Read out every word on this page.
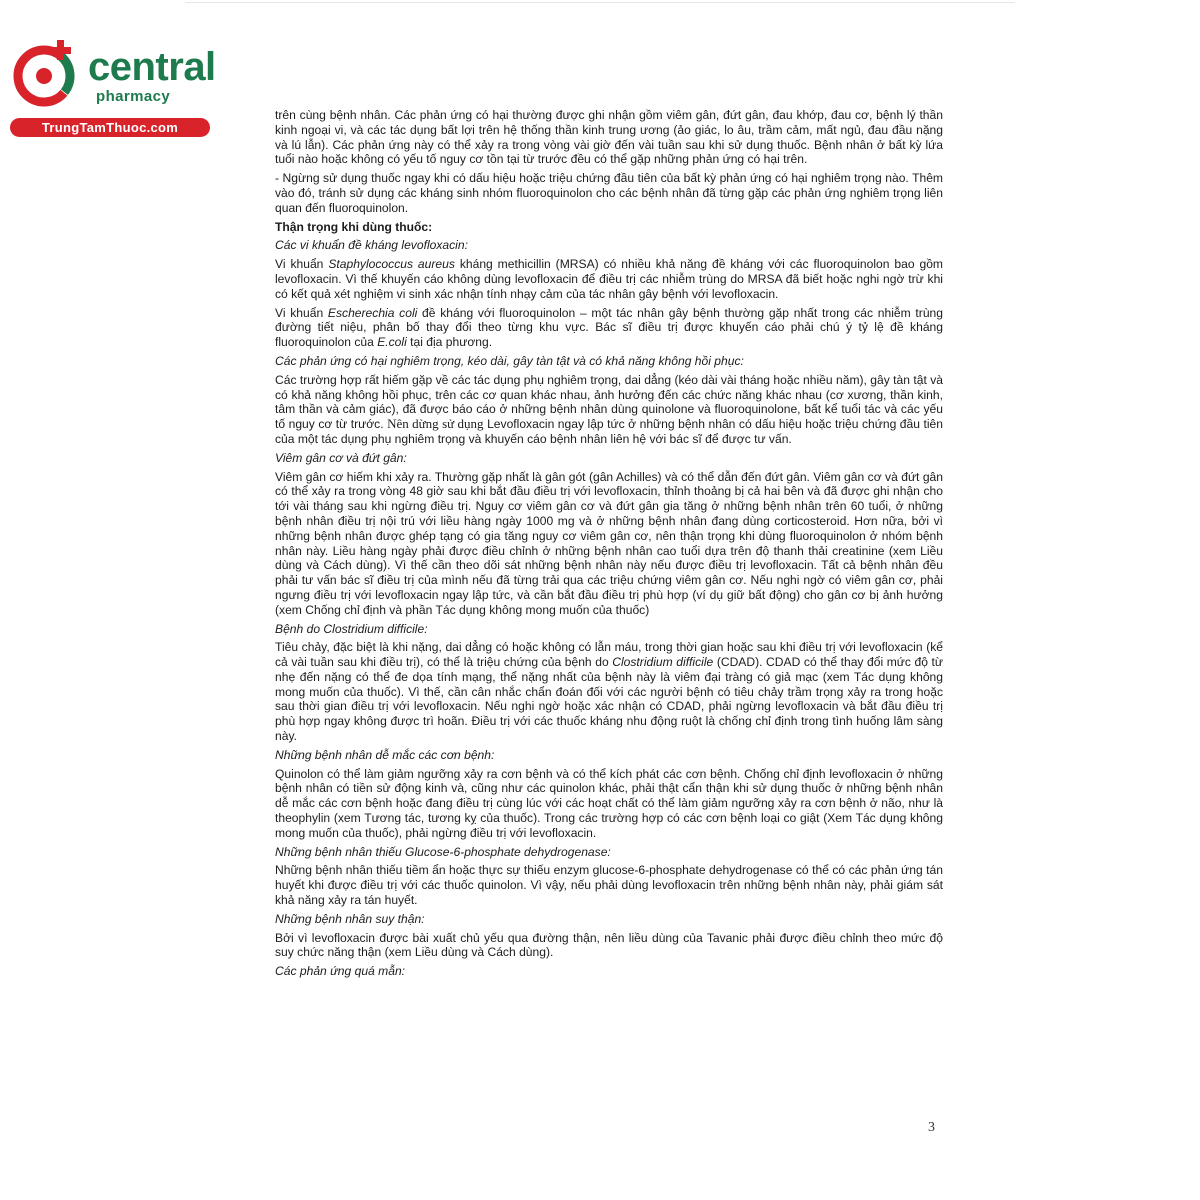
central
pharmacy
TrungTamThuoc.com

trên cùng bệnh nhân. Các phản ứng có hại thường được ghi nhận gồm viêm gân, đứt gân, đau khớp, đau cơ, bệnh lý thần kinh ngoại vi, và các tác dụng bất lợi trên hệ thống thần kinh trung ương (ảo giác, lo âu, trầm cảm, mất ngủ, đau đầu nặng và lú lẫn). Các phản ứng này có thể xảy ra trong vòng vài giờ đến vài tuần sau khi sử dụng thuốc. Bệnh nhân ở bất kỳ lứa tuổi nào hoặc không có yếu tố nguy cơ tồn tại từ trước đều có thể gặp những phản ứng có hại trên.

- Ngừng sử dụng thuốc ngay khi có dấu hiệu hoặc triệu chứng đầu tiên của bất kỳ phản ứng có hại nghiêm trọng nào. Thêm vào đó, tránh sử dụng các kháng sinh nhóm fluoroquinolon cho các bệnh nhân đã từng gặp các phản ứng nghiêm trọng liên quan đến fluoroquinolon.

Thận trọng khi dùng thuốc:
Các vi khuẩn đề kháng levofloxacin:

Vi khuẩn Staphylococcus aureus kháng methicillin (MRSA) có nhiều khả năng đề kháng với các fluoroquinolon bao gồm levofloxacin. Vì thế khuyến cáo không dùng levofloxacin để điều trị các nhiễm trùng do MRSA đã biết hoặc nghi ngờ trừ khi có kết quả xét nghiệm vi sinh xác nhận tính nhạy cảm của tác nhân gây bệnh với levofloxacin.

Vi khuẩn Escherechia coli đề kháng với fluoroquinolon – một tác nhân gây bệnh thường gặp nhất trong các nhiễm trùng đường tiết niệu, phân bố thay đổi theo từng khu vực. Bác sĩ điều trị được khuyến cáo phải chú ý tỷ lệ đề kháng fluoroquinolon của E.coli tại địa phương.

Các phản ứng có hại nghiêm trọng, kéo dài, gây tàn tật và có khả năng không hồi phục:

Các trường hợp rất hiếm gặp về các tác dụng phụ nghiêm trọng, dai dẳng (kéo dài vài tháng hoặc nhiều năm), gây tàn tật và có khả năng không hồi phục, trên các cơ quan khác nhau, ảnh hưởng đến các chức năng khác nhau (cơ xương, thần kinh, tâm thần và cảm giác), đã được báo cáo ở những bệnh nhân dùng quinolone và fluoroquinolone, bất kể tuổi tác và các yếu tố nguy cơ từ trước. Nên dừng sử dụng Levofloxacin ngay lập tức ở những bệnh nhân có dấu hiệu hoặc triệu chứng đầu tiên của một tác dụng phụ nghiêm trọng và khuyến cáo bệnh nhân liên hệ với bác sĩ để được tư vấn.

Viêm gân cơ và đứt gân:

Viêm gân cơ hiếm khi xảy ra. Thường gặp nhất là gân gót (gân Achilles) và có thể dẫn đến đứt gân. Viêm gân cơ và đứt gân có thể xảy ra trong vòng 48 giờ sau khi bắt đầu điều trị với levofloxacin, thỉnh thoảng bị cả hai bên và đã được ghi nhận cho tới vài tháng sau khi ngừng điều trị. Nguy cơ viêm gân cơ và đứt gân gia tăng ở những bệnh nhân trên 60 tuổi, ở những bệnh nhân điều trị nội trú với liều hàng ngày 1000 mg và ở những bệnh nhân đang dùng corticosteroid. Hơn nữa, bởi vì những bệnh nhân được ghép tạng có gia tăng nguy cơ viêm gân cơ, nên thận trọng khi dùng fluoroquinolon ở nhóm bệnh nhân này. Liều hàng ngày phải được điều chỉnh ở những bệnh nhân cao tuổi dựa trên độ thanh thải creatinine (xem Liều dùng và Cách dùng). Vì thế cần theo dõi sát những bệnh nhân này nếu được điều trị levofloxacin. Tất cả bệnh nhân đều phải tư vấn bác sĩ điều trị của mình nếu đã từng trải qua các triệu chứng viêm gân cơ. Nếu nghi ngờ có viêm gân cơ, phải ngưng điều trị với levofloxacin ngay lập tức, và cần bắt đầu điều trị phù hợp (ví dụ giữ bất động) cho gân cơ bị ảnh hưởng (xem Chống chỉ định và phần Tác dụng không mong muốn của thuốc)

Bệnh do Clostridium difficile:

Tiêu chảy, đặc biệt là khi nặng, dai dẳng có hoặc không có lẫn máu, trong thời gian hoặc sau khi điều trị với levofloxacin (kể cả vài tuần sau khi điều trị), có thể là triệu chứng của bệnh do Clostridium difficile (CDAD). CDAD có thể thay đổi mức độ từ nhẹ đến nặng có thể đe dọa tính mạng, thể nặng nhất của bệnh này là viêm đại tràng có giả mạc (xem Tác dụng không mong muốn của thuốc). Vì thế, cần cân nhắc chẩn đoán đối với các người bệnh có tiêu chảy trầm trọng xảy ra trong hoặc sau thời gian điều trị với levofloxacin. Nếu nghi ngờ hoặc xác nhận có CDAD, phải ngừng levofloxacin và bắt đầu điều trị phù hợp ngay không được trì hoãn. Điều trị với các thuốc kháng nhu động ruột là chống chỉ định trong tình huống lâm sàng này.

Những bệnh nhân dễ mắc các cơn bệnh:

Quinolon có thể làm giảm ngưỡng xảy ra cơn bệnh và có thể kích phát các cơn bệnh. Chống chỉ định levofloxacin ở những bệnh nhân có tiền sử động kinh và, cũng như các quinolon khác, phải thật cẩn thận khi sử dụng thuốc ở những bệnh nhân dễ mắc các cơn bệnh hoặc đang điều trị cùng lúc với các hoạt chất có thể làm giảm ngưỡng xảy ra cơn bệnh ở não, như là theophylin (xem Tương tác, tương kỵ của thuốc). Trong các trường hợp có các cơn bệnh loại co giật (Xem Tác dụng không mong muốn của thuốc), phải ngừng điều trị với levofloxacin.

Những bệnh nhân thiếu Glucose-6-phosphate dehydrogenase:

Những bệnh nhân thiếu tiềm ẩn hoặc thực sự thiếu enzym glucose-6-phosphate dehydrogenase có thể có các phản ứng tán huyết khi được điều trị với các thuốc quinolon. Vì vậy, nếu phải dùng levofloxacin trên những bệnh nhân này, phải giám sát khả năng xảy ra tán huyết.

Những bệnh nhân suy thận:

Bởi vì levofloxacin được bài xuất chủ yếu qua đường thận, nên liều dùng của Tavanic phải được điều chỉnh theo mức độ suy chức năng thận (xem Liều dùng và Cách dùng).

Các phản ứng quá mẫn:
3
